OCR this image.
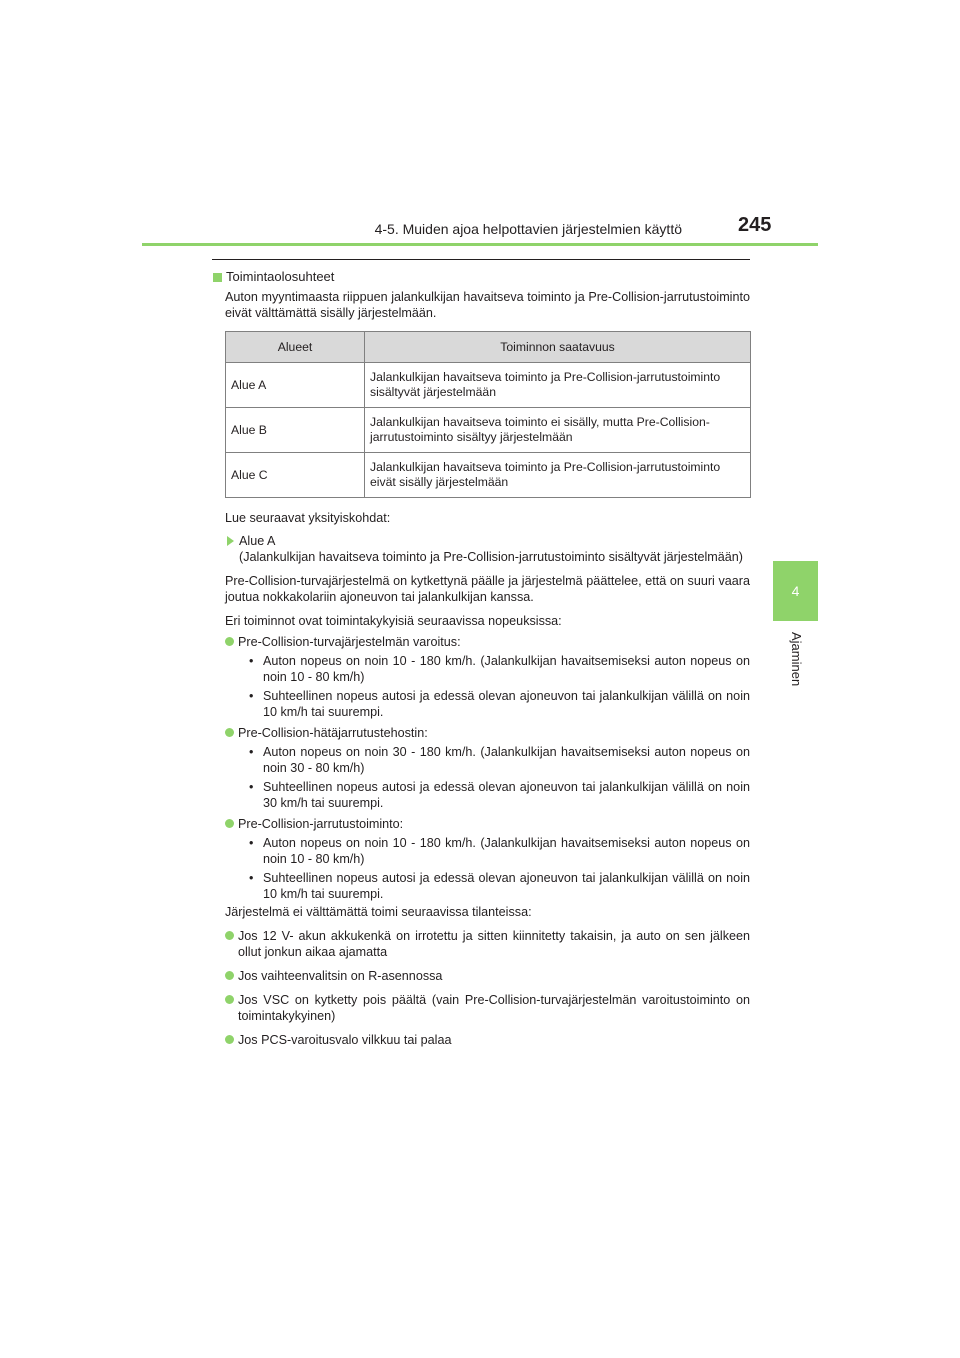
4-5. Muiden ajoa helpottavien järjestelmien käyttö	245
4
Ajaminen
Toimintaolosuhteet

Auton myyntimaasta riippuen jalankulkijan havaitseva toiminto ja Pre-Collision-jarrutustoiminto eivät välttämättä sisälly järjestelmään.

Alueet	Toiminnon saatavuus
Alue A	Jalankulkijan havaitseva toiminto ja Pre-Collision-jarrutustoiminto sisältyvät järjestelmään
Alue B	Jalankulkijan havaitseva toiminto ei sisälly, mutta Pre-Collision-jarrutustoiminto sisältyy järjestelmään
Alue C	Jalankulkijan havaitseva toiminto ja Pre-Collision-jarrutustoiminto eivät sisälly järjestelmään

Lue seuraavat yksityiskohdat:

Alue A

(Jalankulkijan havaitseva toiminto ja Pre-Collision-jarrutustoiminto sisältyvät järjestelmään)

Pre-Collision-turvajärjestelmä on kytkettynä päälle ja järjestelmä päättelee, että on suuri vaara joutua nokkakolariin ajoneuvon tai jalankulkijan kanssa.

Eri toiminnot ovat toimintakykyisiä seuraavissa nopeuksissa:

Pre-Collision-turvajärjestelmän varoitus:
• Auton nopeus on noin 10 - 180 km/h. (Jalankulkijan havaitsemiseksi auton nopeus on noin 10 - 80 km/h)
• Suhteellinen nopeus autosi ja edessä olevan ajoneuvon tai jalankulkijan välillä on noin 10 km/h tai suurempi.
Pre-Collision-hätäjarrutustehostin:
• Auton nopeus on noin 30 - 180 km/h. (Jalankulkijan havaitsemiseksi auton nopeus on noin 30 - 80 km/h)
• Suhteellinen nopeus autosi ja edessä olevan ajoneuvon tai jalankulkijan välillä on noin 30 km/h tai suurempi.
Pre-Collision-jarrutustoiminto:
• Auton nopeus on noin 10 - 180 km/h. (Jalankulkijan havaitsemiseksi auton nopeus on noin 10 - 80 km/h)
• Suhteellinen nopeus autosi ja edessä olevan ajoneuvon tai jalankulkijan välillä on noin 10 km/h tai suurempi.

Järjestelmä ei välttämättä toimi seuraavissa tilanteissa:

Jos 12 V- akun akkukenkä on irrotettu ja sitten kiinnitetty takaisin, ja auto on sen jälkeen ollut jonkun aikaa ajamatta
Jos vaihteenvalitsin on R-asennossa
Jos VSC on kytketty pois päältä (vain Pre-Collision-turvajärjestelmän varoitustoiminto on toimintakykyinen)
Jos PCS-varoitusvalo vilkkuu tai palaa
